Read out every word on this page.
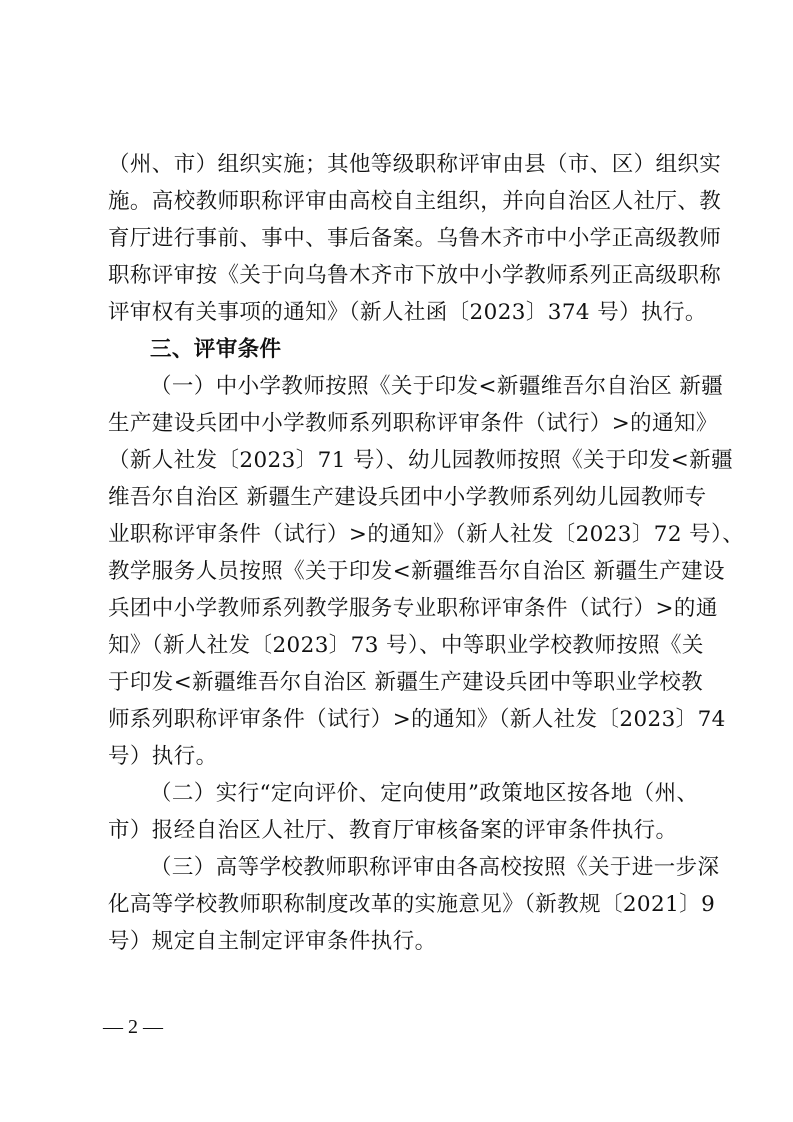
（州、市）组织实施；其他等级职称评审由县（市、区）组织实
施。高校教师职称评审由高校自主组织，并向自治区人社厅、教
育厅进行事前、事中、事后备案。乌鲁木齐市中小学正高级教师
职称评审按《关于向乌鲁木齐市下放中小学教师系列正高级职称
评审权有关事项的通知》（新人社函〔2023〕374 号）执行。
三、评审条件
（一）中小学教师按照《关于印发<新疆维吾尔自治区 新疆
生产建设兵团中小学教师系列职称评审条件（试行）>的通知》
（新人社发〔2023〕71 号）、幼儿园教师按照《关于印发<新疆
维吾尔自治区 新疆生产建设兵团中小学教师系列幼儿园教师专
业职称评审条件（试行）>的通知》（新人社发〔2023〕72 号）、
教学服务人员按照《关于印发<新疆维吾尔自治区 新疆生产建设
兵团中小学教师系列教学服务专业职称评审条件（试行）>的通
知》（新人社发〔2023〕73 号）、中等职业学校教师按照《关
于印发<新疆维吾尔自治区 新疆生产建设兵团中等职业学校教
师系列职称评审条件（试行）>的通知》（新人社发〔2023〕74
号）执行。
（二）实行“定向评价、定向使用”政策地区按各地（州、
市）报经自治区人社厅、教育厅审核备案的评审条件执行。
（三）高等学校教师职称评审由各高校按照《关于进一步深
化高等学校教师职称制度改革的实施意见》（新教规〔2021〕9
号）规定自主制定评审条件执行。
— 2 —
